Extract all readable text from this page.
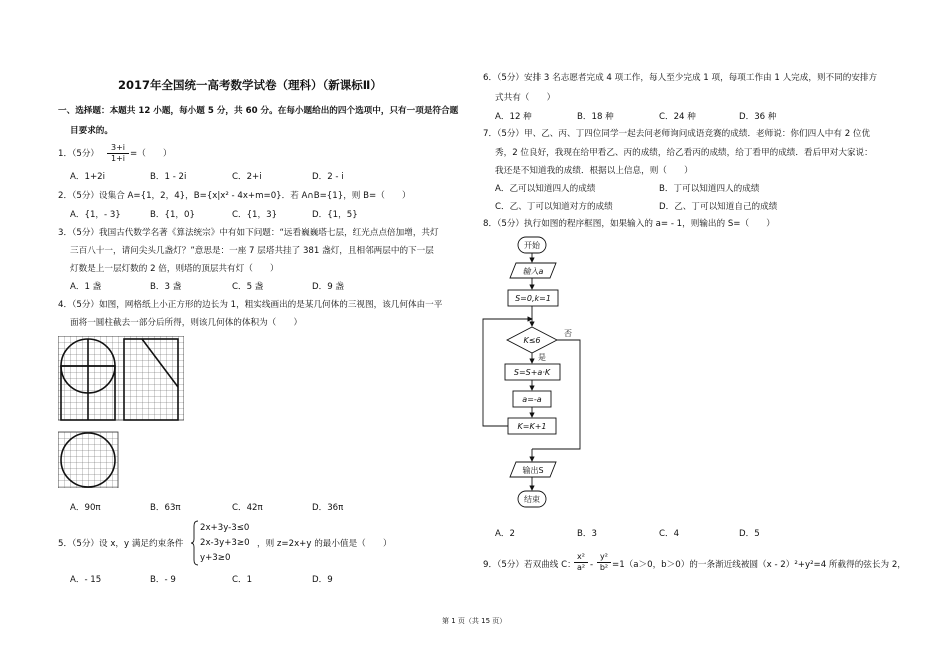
2017年全国统一高考数学试卷（理科）（新课标Ⅱ）
一、选择题：本题共 12 小题，每小题 5 分，共 60 分。在每小题给出的四个选项中，只有一项是符合题
目要求的。
1．（5分） $\frac{3+i}{1+i}$ =（　　）
A．1+2i	B．1 - 2i	C．2+i	D．2 - i
2．（5分）设集合 A={1，2，4}，B={x|x² - 4x+m=0}．若 A∩B={1}，则 B=（　　）
A．{1，- 3}	B．{1，0}	C．{1，3}	D．{1，5}
3．（5分）我国古代数学名著《算法统宗》中有如下问题：“远看巍巍塔七层，红光点点倍加增，共灯
三百八十一，请问尖头几盏灯？”意思是：一座 7 层塔共挂了 381 盏灯，且相邻两层中的下一层
灯数是上一层灯数的 2 倍，则塔的顶层共有灯（　　）
A．1 盏	B．3 盏	C．5 盏	D．9 盏
4．（5分）如图，网格纸上小正方形的边长为 1，粗实线画出的是某几何体的三视图，该几何体由一平
面将一圆柱截去一部分后所得，则该几何体的体积为（　　）
A．90π	B．63π	C．42π	D．36π
5．（5分）设 x，y 满足约束条件
2x+3y-3≤0
2x-3y+3≥0
y+3≥0
，则 z=2x+y 的最小值是（　　）
A．- 15	B．- 9	C．1	D．9
6．（5分）安排 3 名志愿者完成 4 项工作，每人至少完成 1 项，每项工作由 1 人完成，则不同的安排方
式共有（　　）
A．12 种	B．18 种	C．24 种	D．36 种
7．（5分）甲、乙、丙、丁四位同学一起去问老师询问成语竞赛的成绩．老师说：你们四人中有 2 位优
秀，2 位良好，我现在给甲看乙、丙的成绩，给乙看丙的成绩，给丁看甲的成绩．看后甲对大家说：
我还是不知道我的成绩．根据以上信息，则（　　）
A．乙可以知道四人的成绩	B．丁可以知道四人的成绩
C．乙、丁可以知道对方的成绩	D．乙、丁可以知道自己的成绩
8．（5分）执行如图的程序框图，如果输入的 a= - 1，则输出的 S=（　　）
开始
输入a
S=0,k=1
K≤6
是
否
S=S+a·K
a=-a
K=K+1
输出S
结束
A．2	B．3	C．4	D．5
9．（5分）若双曲线 C：
$\frac{\text{x²}}{\text{a²}} - \frac{\text{y²}}{\text{b²}} =1(a>0$，b＞0）的一条渐近线被圆（x - 2）²+y²=4 所截得的弦长为 2，
第 1 页（共 15 页）
